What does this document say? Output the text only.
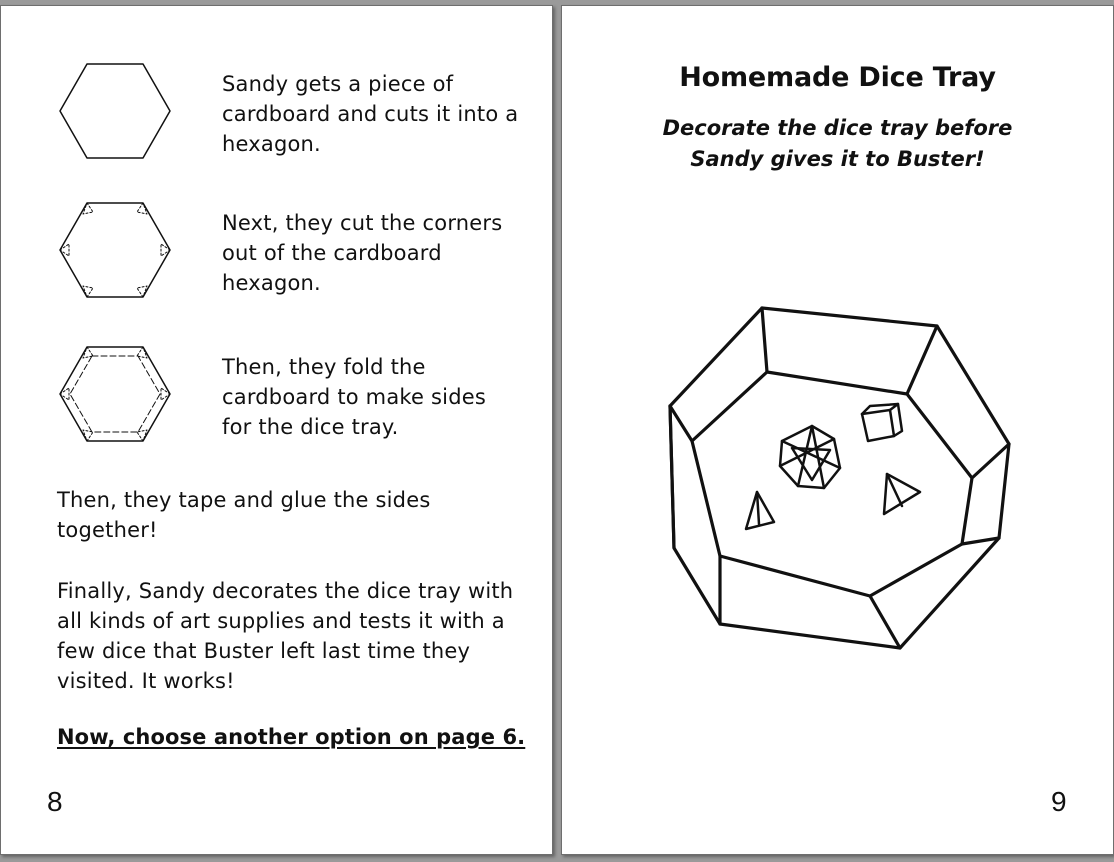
Sandy gets a piece of cardboard and cuts it into a hexagon.
Next, they cut the corners out of the cardboard hexagon.
Then, they fold the cardboard to make sides for the dice tray.
Then, they tape and glue the sides together!
Finally, Sandy decorates the dice tray with all kinds of art supplies and tests it with a few dice that Buster left last time they visited. It works!
Now, choose another option on page 6.
8
Homemade Dice Tray
Decorate the dice tray before
Sandy gives it to Buster!
9
